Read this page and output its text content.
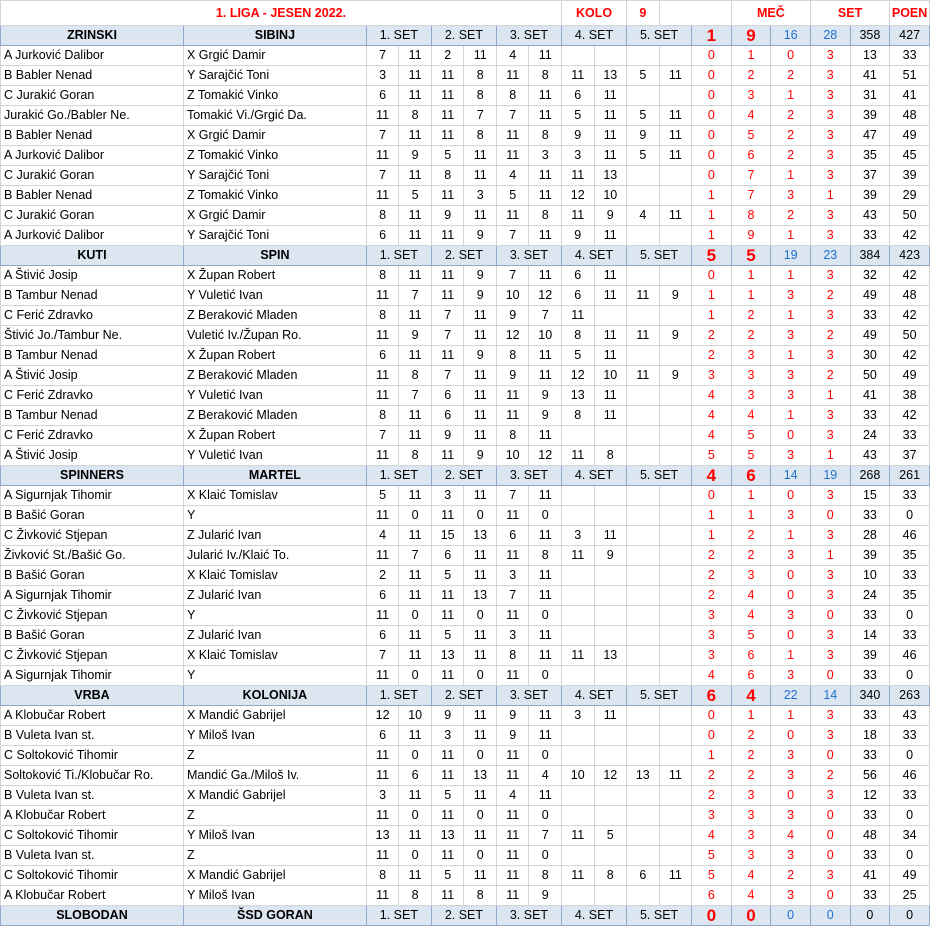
1. LIGA - JESEN 2022.								KOLO		9			MEČ		SET		POEN
ZRINSKI	SIBINJ	1. SET		2. SET		3. SET		4. SET		5. SET		1	9	16	28	358	427
A Jurković Dalibor	X Grgić Damir	7	11	2	11	4	11					0	1	0	3	13	33
B Babler Nenad	Y Sarajčić Toni	3	11	11	8	11	8	11	13	5	11	0	2	2	3	41	51
C Jurakić Goran	Z Tomakić Vinko	6	11	11	8	8	11	6	11			0	3	1	3	31	41
Jurakić Go./Babler Ne.	Tomakić Vi./Grgić Da.	11	8	11	7	7	11	5	11	5	11	0	4	2	3	39	48
B Babler Nenad	X Grgić Damir	7	11	11	8	11	8	9	11	9	11	0	5	2	3	47	49
A Jurković Dalibor	Z Tomakić Vinko	11	9	5	11	11	3	3	11	5	11	0	6	2	3	35	45
C Jurakić Goran	Y Sarajčić Toni	7	11	8	11	4	11	11	13			0	7	1	3	37	39
B Babler Nenad	Z Tomakić Vinko	11	5	11	3	5	11	12	10			1	7	3	1	39	29
C Jurakić Goran	X Grgić Damir	8	11	9	11	11	8	11	9	4	11	1	8	2	3	43	50
A Jurković Dalibor	Y Sarajčić Toni	6	11	11	9	7	11	9	11			1	9	1	3	33	42
KUTI	SPIN	1. SET		2. SET		3. SET		4. SET		5. SET		5	5	19	23	384	423
A Štivić Josip	X Župan Robert	8	11	11	9	7	11	6	11			0	1	1	3	32	42
B Tambur Nenad	Y Vuletić Ivan	11	7	11	9	10	12	6	11	11	9	1	1	3	2	49	48
C Ferić Zdravko	Z Beraković Mladen	8	11	7	11	9	7	11				1	2	1	3	33	42
Štivić Jo./Tambur Ne.	Vuletić Iv./Župan Ro.	11	9	7	11	12	10	8	11	11	9	2	2	3	2	49	50
B Tambur Nenad	X Župan Robert	6	11	11	9	8	11	5	11			2	3	1	3	30	42
A Štivić Josip	Z Beraković Mladen	11	8	7	11	9	11	12	10	11	9	3	3	3	2	50	49
C Ferić Zdravko	Y Vuletić Ivan	11	7	6	11	11	9	13	11			4	3	3	1	41	38
B Tambur Nenad	Z Beraković Mladen	8	11	6	11	11	9	8	11			4	4	1	3	33	42
C Ferić Zdravko	X Župan Robert	7	11	9	11	8	11					4	5	0	3	24	33
A Štivić Josip	Y Vuletić Ivan	11	8	11	9	10	12	11	8			5	5	3	1	43	37
SPINNERS	MARTEL	1. SET		2. SET		3. SET		4. SET		5. SET		4	6	14	19	268	261
A Sigurnjak Tihomir	X Klaić Tomislav	5	11	3	11	7	11					0	1	0	3	15	33
B Bašić Goran	Y	11	0	11	0	11	0					1	1	3	0	33	0
C Živković Stjepan	Z Jularić Ivan	4	11	15	13	6	11	3	11			1	2	1	3	28	46
Živković St./Bašić Go.	Jularić Iv./Klaić To.	11	7	6	11	11	8	11	9			2	2	3	1	39	35
B Bašić Goran	X Klaić Tomislav	2	11	5	11	3	11					2	3	0	3	10	33
A Sigurnjak Tihomir	Z Jularić Ivan	6	11	11	13	7	11					2	4	0	3	24	35
C Živković Stjepan	Y	11	0	11	0	11	0					3	4	3	0	33	0
B Bašić Goran	Z Jularić Ivan	6	11	5	11	3	11					3	5	0	3	14	33
C Živković Stjepan	X Klaić Tomislav	7	11	13	11	8	11	11	13			3	6	1	3	39	46
A Sigurnjak Tihomir	Y	11	0	11	0	11	0					4	6	3	0	33	0
VRBA	KOLONIJA	1. SET		2. SET		3. SET		4. SET		5. SET		6	4	22	14	340	263
A Klobučar Robert	X Mandić Gabrijel	12	10	9	11	9	11	3	11			0	1	1	3	33	43
B Vuleta Ivan st.	Y Miloš Ivan	6	11	3	11	9	11					0	2	0	3	18	33
C Soltoković Tihomir	Z	11	0	11	0	11	0					1	2	3	0	33	0
Soltoković Ti./Klobučar Ro.	Mandić Ga./Miloš Iv.	11	6	11	13	11	4	10	12	13	11	2	2	3	2	56	46
B Vuleta Ivan st.	X Mandić Gabrijel	3	11	5	11	4	11					2	3	0	3	12	33
A Klobučar Robert	Z	11	0	11	0	11	0					3	3	3	0	33	0
C Soltoković Tihomir	Y Miloš Ivan	13	11	13	11	11	7	11	5			4	3	4	0	48	34
B Vuleta Ivan st.	Z	11	0	11	0	11	0					5	3	3	0	33	0
C Soltoković Tihomir	X Mandić Gabrijel	8	11	5	11	11	8	11	8	6	11	5	4	2	3	41	49
A Klobučar Robert	Y Miloš Ivan	11	8	11	8	11	9					6	4	3	0	33	25
SLOBODAN	ŠSD GORAN	1. SET		2. SET		3. SET		4. SET		5. SET		0	0	0	0	0	0
